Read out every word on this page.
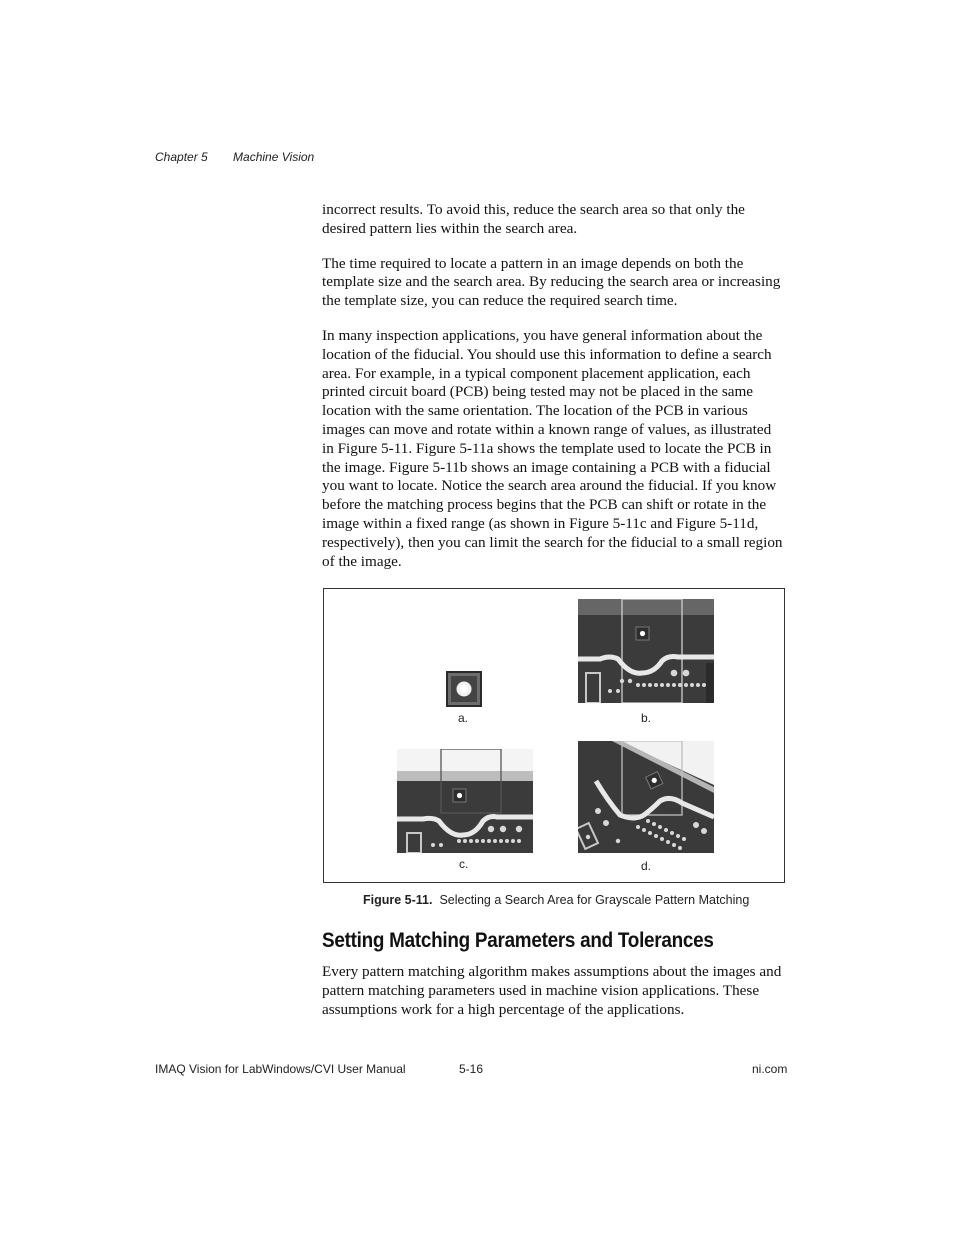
Chapter 5 Machine Vision

incorrect results. To avoid this, reduce the search area so that only the desired pattern lies within the search area.

The time required to locate a pattern in an image depends on both the template size and the search area. By reducing the search area or increasing the template size, you can reduce the required search time.

In many inspection applications, you have general information about the location of the fiducial. You should use this information to define a search area. For example, in a typical component placement application, each printed circuit board (PCB) being tested may not be placed in the same location with the same orientation. The location of the PCB in various images can move and rotate within a known range of values, as illustrated in Figure 5-11. Figure 5-11a shows the template used to locate the PCB in the image. Figure 5-11b shows an image containing a PCB with a fiducial you want to locate. Notice the search area around the fiducial. If you know before the matching process begins that the PCB can shift or rotate in the image within a fixed range (as shown in Figure 5-11c and Figure 5-11d, respectively), then you can limit the search for the fiducial to a small region of the image.

a.	b.
c.	d.
Figure 5-11. Selecting a Search Area for Grayscale Pattern Matching
Setting Matching Parameters and Tolerances

Every pattern matching algorithm makes assumptions about the images and pattern matching parameters used in machine vision applications. These assumptions work for a high percentage of the applications.

IMAQ Vision for LabWindows/CVI User Manual	5-16	ni.com
